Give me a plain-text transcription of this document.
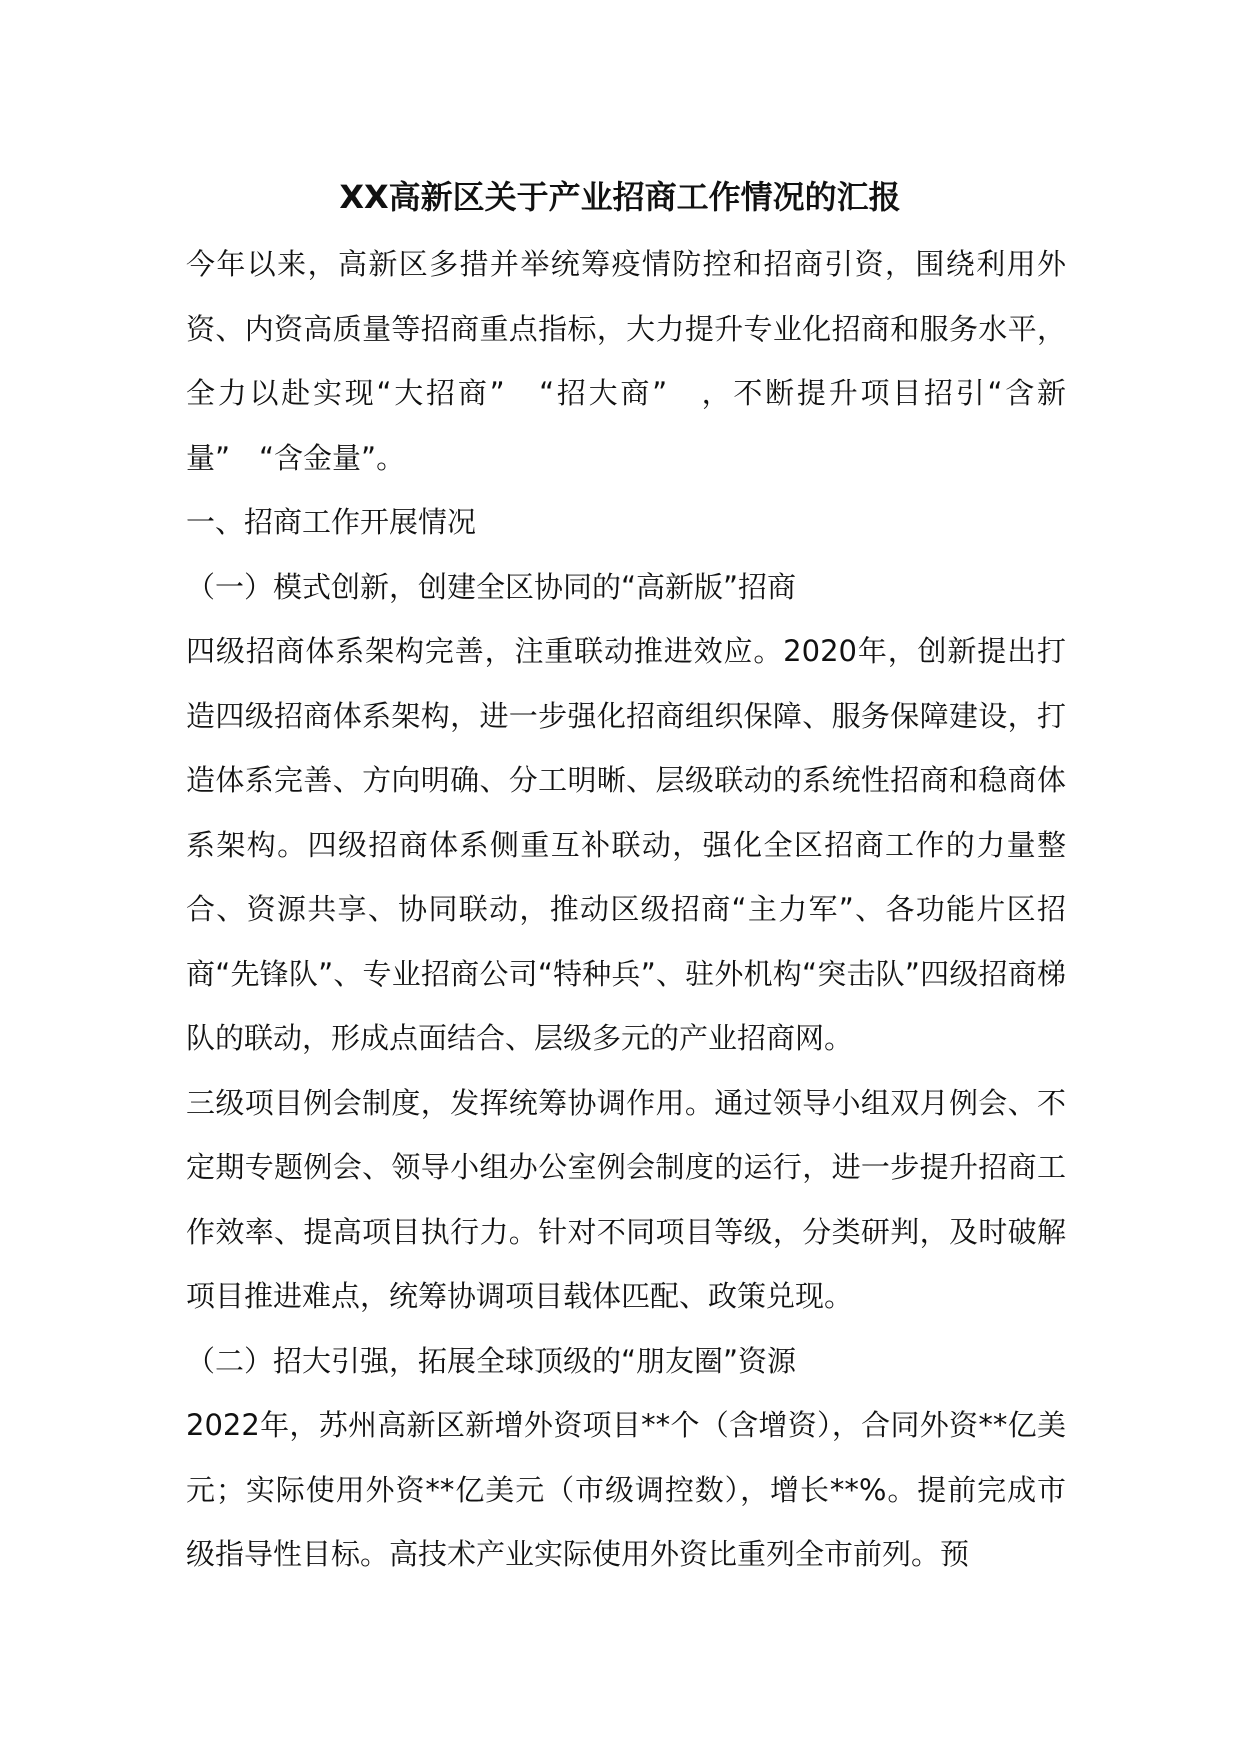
XX高新区关于产业招商工作情况的汇报

今年以来，高新区多措并举统筹疫情防控和招商引资，围绕利用外资、内资高质量等招商重点指标，大力提升专业化招商和服务水平，全力以赴实现“大招商”　“招大商”　，不断提升项目招引“含新量”　“含金量”。

一、招商工作开展情况

（一）模式创新，创建全区协同的“高新版”招商

四级招商体系架构完善，注重联动推进效应。2020年，创新提出打造四级招商体系架构，进一步强化招商组织保障、服务保障建设，打造体系完善、方向明确、分工明晰、层级联动的系统性招商和稳商体系架构。四级招商体系侧重互补联动，强化全区招商工作的力量整合、资源共享、协同联动，推动区级招商“主力军”、各功能片区招商“先锋队”、专业招商公司“特种兵”、驻外机构“突击队”四级招商梯队的联动，形成点面结合、层级多元的产业招商网。

三级项目例会制度，发挥统筹协调作用。通过领导小组双月例会、不定期专题例会、领导小组办公室例会制度的运行，进一步提升招商工作效率、提高项目执行力。针对不同项目等级，分类研判，及时破解项目推进难点，统筹协调项目载体匹配、政策兑现。

（二）招大引强，拓展全球顶级的“朋友圈”资源

2022年，苏州高新区新增外资项目**个（含增资），合同外资**亿美元；实际使用外资**亿美元（市级调控数），增长**%。提前完成市级指导性目标。高技术产业实际使用外资比重列全市前列。预
